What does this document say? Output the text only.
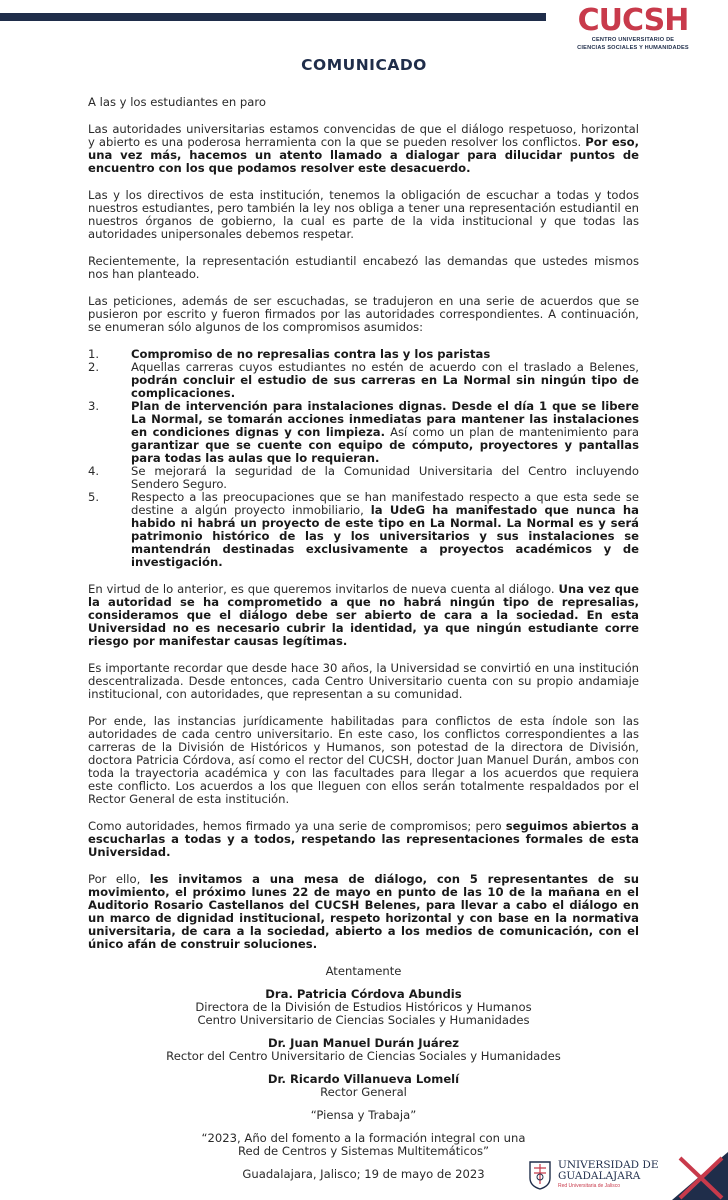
CUCSH
CENTRO UNIVERSITARIO DE
CIENCIAS SOCIALES Y HUMANIDADES
COMUNICADO

A las y los estudiantes en paro

Las autoridades universitarias estamos convencidas de que el diálogo respetuoso, horizontal y abierto es una poderosa herramienta con la que se pueden resolver los conflictos. Por eso, una vez más, hacemos un atento llamado a dialogar para dilucidar puntos de encuentro con los que podamos resolver este desacuerdo.

Las y los directivos de esta institución, tenemos la obligación de escuchar a todas y todos nuestros estudiantes, pero también la ley nos obliga a tener una representación estudiantil en nuestros órganos de gobierno, la cual es parte de la vida institucional y que todas las autoridades unipersonales debemos respetar.

Recientemente, la representación estudiantil encabezó las demandas que ustedes mismos nos han planteado.

Las peticiones, además de ser escuchadas, se tradujeron en una serie de acuerdos que se pusieron por escrito y fueron firmados por las autoridades correspondientes. A continuación, se enumeran sólo algunos de los compromisos asumidos:

1.	Compromiso de no represalias contra las y los paristas
2.	Aquellas carreras cuyos estudiantes no estén de acuerdo con el traslado a Belenes, podrán concluir el estudio de sus carreras en La Normal sin ningún tipo de complicaciones.
3.	Plan de intervención para instalaciones dignas. Desde el día 1 que se libere La Normal, se tomarán acciones inmediatas para mantener las instalaciones en condiciones dignas y con limpieza. Así como un plan de mantenimiento para garantizar que se cuente con equipo de cómputo, proyectores y pantallas para todas las aulas que lo requieran.
4.	Se mejorará la seguridad de la Comunidad Universitaria del Centro incluyendo Sendero Seguro.
5.	Respecto a las preocupaciones que se han manifestado respecto a que esta sede se destine a algún proyecto inmobiliario, la UdeG ha manifestado que nunca ha habido ni habrá un proyecto de este tipo en La Normal. La Normal es y será patrimonio histórico de las y los universitarios y sus instalaciones se mantendrán destinadas exclusivamente a proyectos académicos y de investigación.

En virtud de lo anterior, es que queremos invitarlos de nueva cuenta al diálogo. Una vez que la autoridad se ha comprometido a que no habrá ningún tipo de represalias, consideramos que el diálogo debe ser abierto de cara a la sociedad. En esta Universidad no es necesario cubrir la identidad, ya que ningún estudiante corre riesgo por manifestar causas legítimas.

Es importante recordar que desde hace 30 años, la Universidad se convirtió en una institución descentralizada. Desde entonces, cada Centro Universitario cuenta con su propio andamiaje institucional, con autoridades, que representan a su comunidad.

Por ende, las instancias jurídicamente habilitadas para conflictos de esta índole son las autoridades de cada centro universitario. En este caso, los conflictos correspondientes a las carreras de la División de Históricos y Humanos, son potestad de la directora de División, doctora Patricia Córdova, así como el rector del CUCSH, doctor Juan Manuel Durán, ambos con toda la trayectoria académica y con las facultades para llegar a los acuerdos que requiera este conflicto. Los acuerdos a los que lleguen con ellos serán totalmente respaldados por el Rector General de esta institución.

Como autoridades, hemos firmado ya una serie de compromisos; pero seguimos abiertos a escucharlas a todas y a todos, respetando las representaciones formales de esta Universidad.

Por ello, les invitamos a una mesa de diálogo, con 5 representantes de su movimiento, el próximo lunes 22 de mayo en punto de las 10 de la mañana en el Auditorio Rosario Castellanos del CUCSH Belenes, para llevar a cabo el diálogo en un marco de dignidad institucional, respeto horizontal y con base en la normativa universitaria, de cara a la sociedad, abierto a los medios de comunicación, con el único afán de construir soluciones.

Atentamente

Dra. Patricia Córdova Abundis

Directora de la División de Estudios Históricos y Humanos

Centro Universitario de Ciencias Sociales y Humanidades

Dr. Juan Manuel Durán Juárez

Rector del Centro Universitario de Ciencias Sociales y Humanidades

Dr. Ricardo Villanueva Lomelí

Rector General

“Piensa y Trabaja”

“2023, Año del fomento a la formación integral con una

Red de Centros y Sistemas Multitemáticos”

Guadalajara, Jalisco; 19 de mayo de 2023

UNIVERSIDAD DE
GUADALAJARA
Red Universitaria de Jalisco
